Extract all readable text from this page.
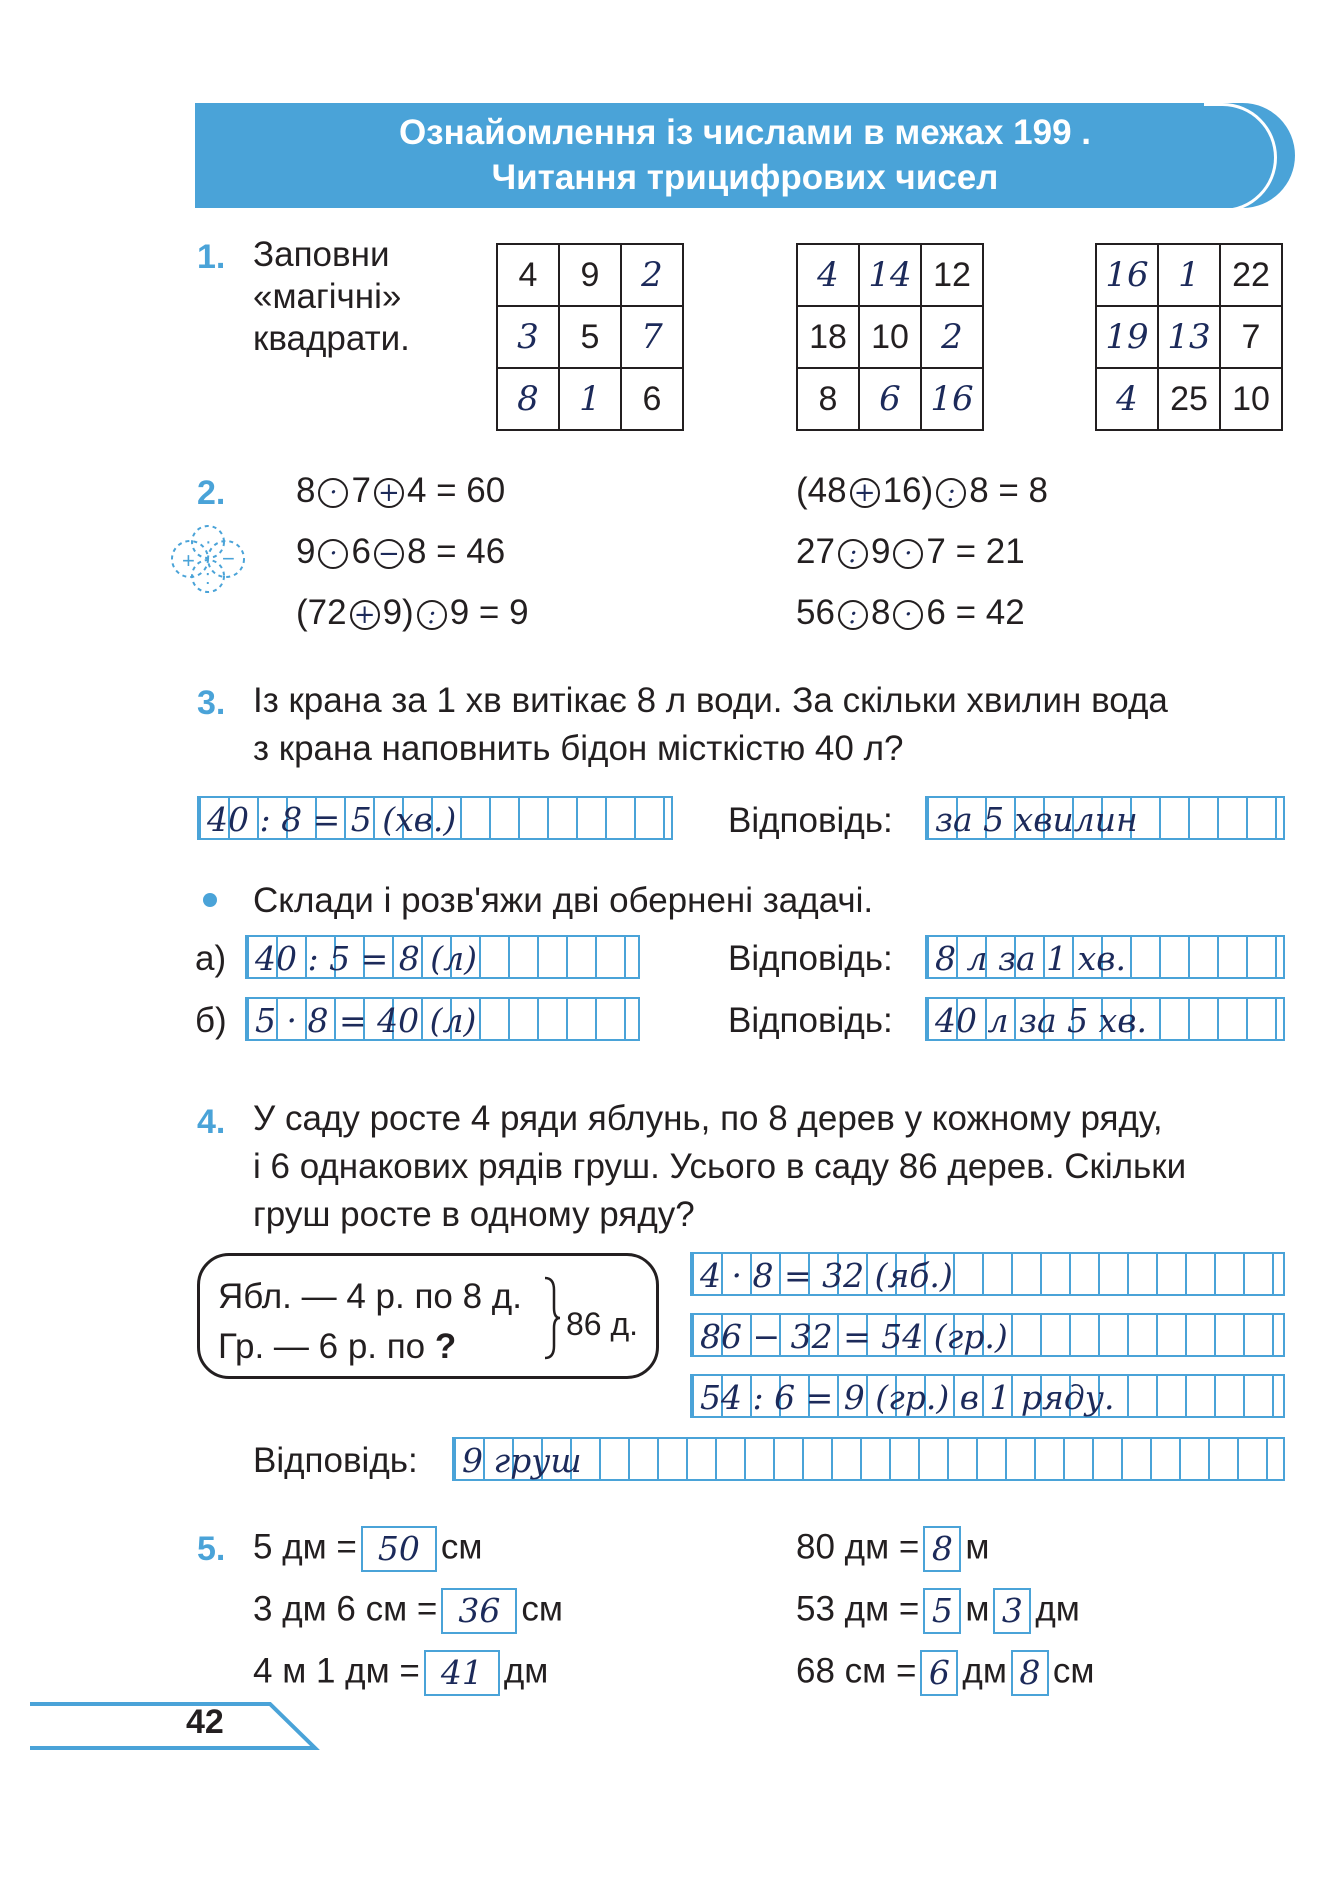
Ознайомлення із числами в межах 199 .
Читання трицифрових чисел
1. Заповни
«магічні»
квадрати.
4	9	2
3	5	7
8	1	6
4	14	12
18	10	2
8	6	16
16	1	22
19	13	7
4	25	10
2.
+ −
·
:
8 · 7 + 4 = 60
9 · 6 − 8 = 46
(72 + 9) : 9 = 9
(48 + 16) : 8 = 8
27 : 9 · 7 = 21
56 : 8 · 6 = 42
3. Із крана за 1 хв витікає 8 л води. За скільки хвилин вода
з крана наповнить бідон місткістю 40 л?
40 : 8 = 5 (хв.)	Відповідь: за 5 хвилин
Склади і розв'яжи дві обернені задачі.
а) 40 : 5 = 8 (л)	Відповідь: 8 л за 1 хв.
б) 5 · 8 = 40 (л)	Відповідь: 40 л за 5 хв.
4. У саду росте 4 ряди яблунь, по 8 дерев у кожному ряду,
і 6 однакових рядів груш. Усього в саду 86 дерев. Скільки
груш росте в одному ряду?
Ябл. — 4 р. по 8 д.
Гр. — 6 р. по ?
86 д.
4 · 8 = 32 (яб.)
86 − 32 = 54 (гр.)
54 : 6 = 9 (гр.) в 1 ряду.
Відповідь: 9 груш
5. 5 дм = 50 см
3 дм 6 см = 36 см
4 м 1 дм = 41 дм
80 дм = 8 м
53 дм = 5 м 3 дм
68 см = 6 дм 8 см
42
